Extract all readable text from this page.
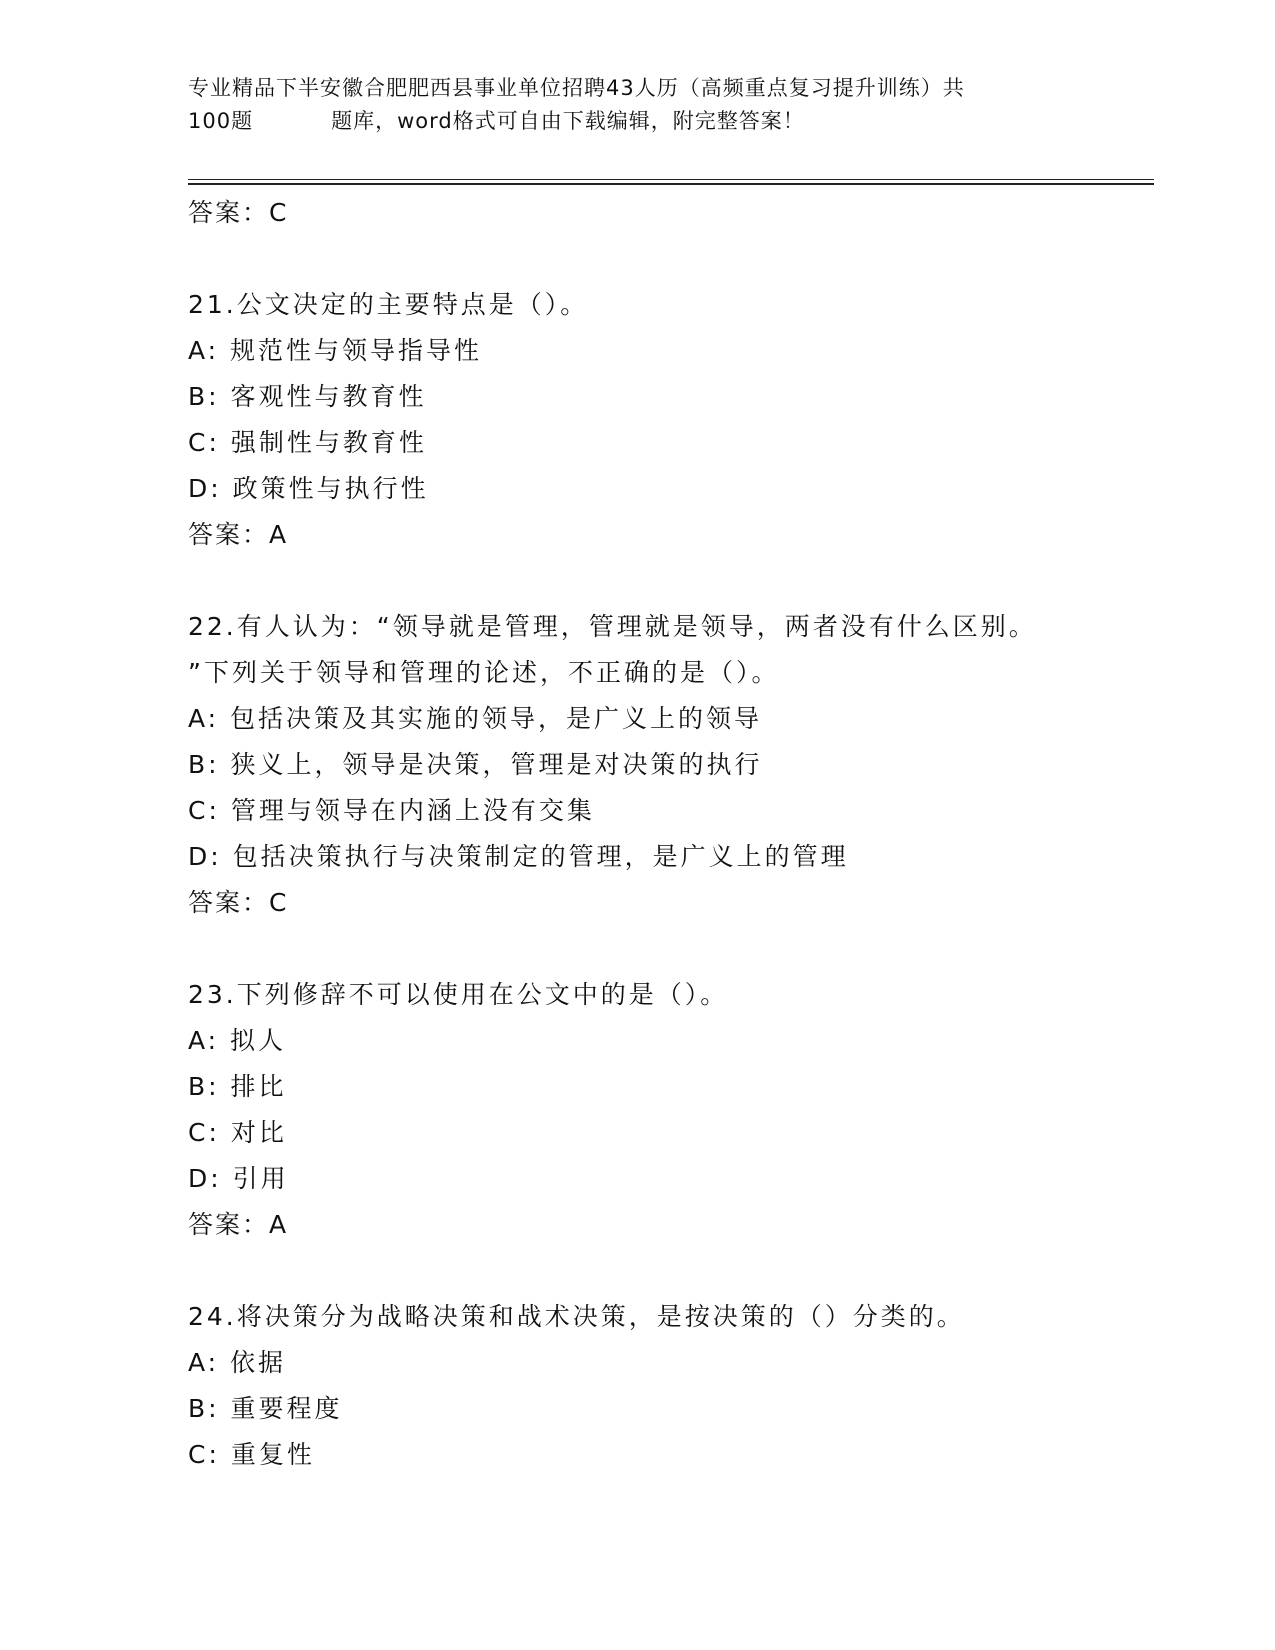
专业精品下半安徽合肥肥西县事业单位招聘43人历（高频重点复习提升训练）共
100题	题库，word格式可自由下载编辑，附完整答案！
答案：C
21.公文决定的主要特点是（）。
A: 规范性与领导指导性
B: 客观性与教育性
C: 强制性与教育性
D: 政策性与执行性
答案：A
22.有人认为：“领导就是管理，管理就是领导，两者没有什么区别。
”下列关于领导和管理的论述，不正确的是（）。
A: 包括决策及其实施的领导，是广义上的领导
B: 狭义上，领导是决策，管理是对决策的执行
C: 管理与领导在内涵上没有交集
D: 包括决策执行与决策制定的管理，是广义上的管理
答案：C
23.下列修辞不可以使用在公文中的是（）。
A: 拟人
B: 排比
C: 对比
D: 引用
答案：A
24.将决策分为战略决策和战术决策，是按决策的（）分类的。
A: 依据
B: 重要程度
C: 重复性
